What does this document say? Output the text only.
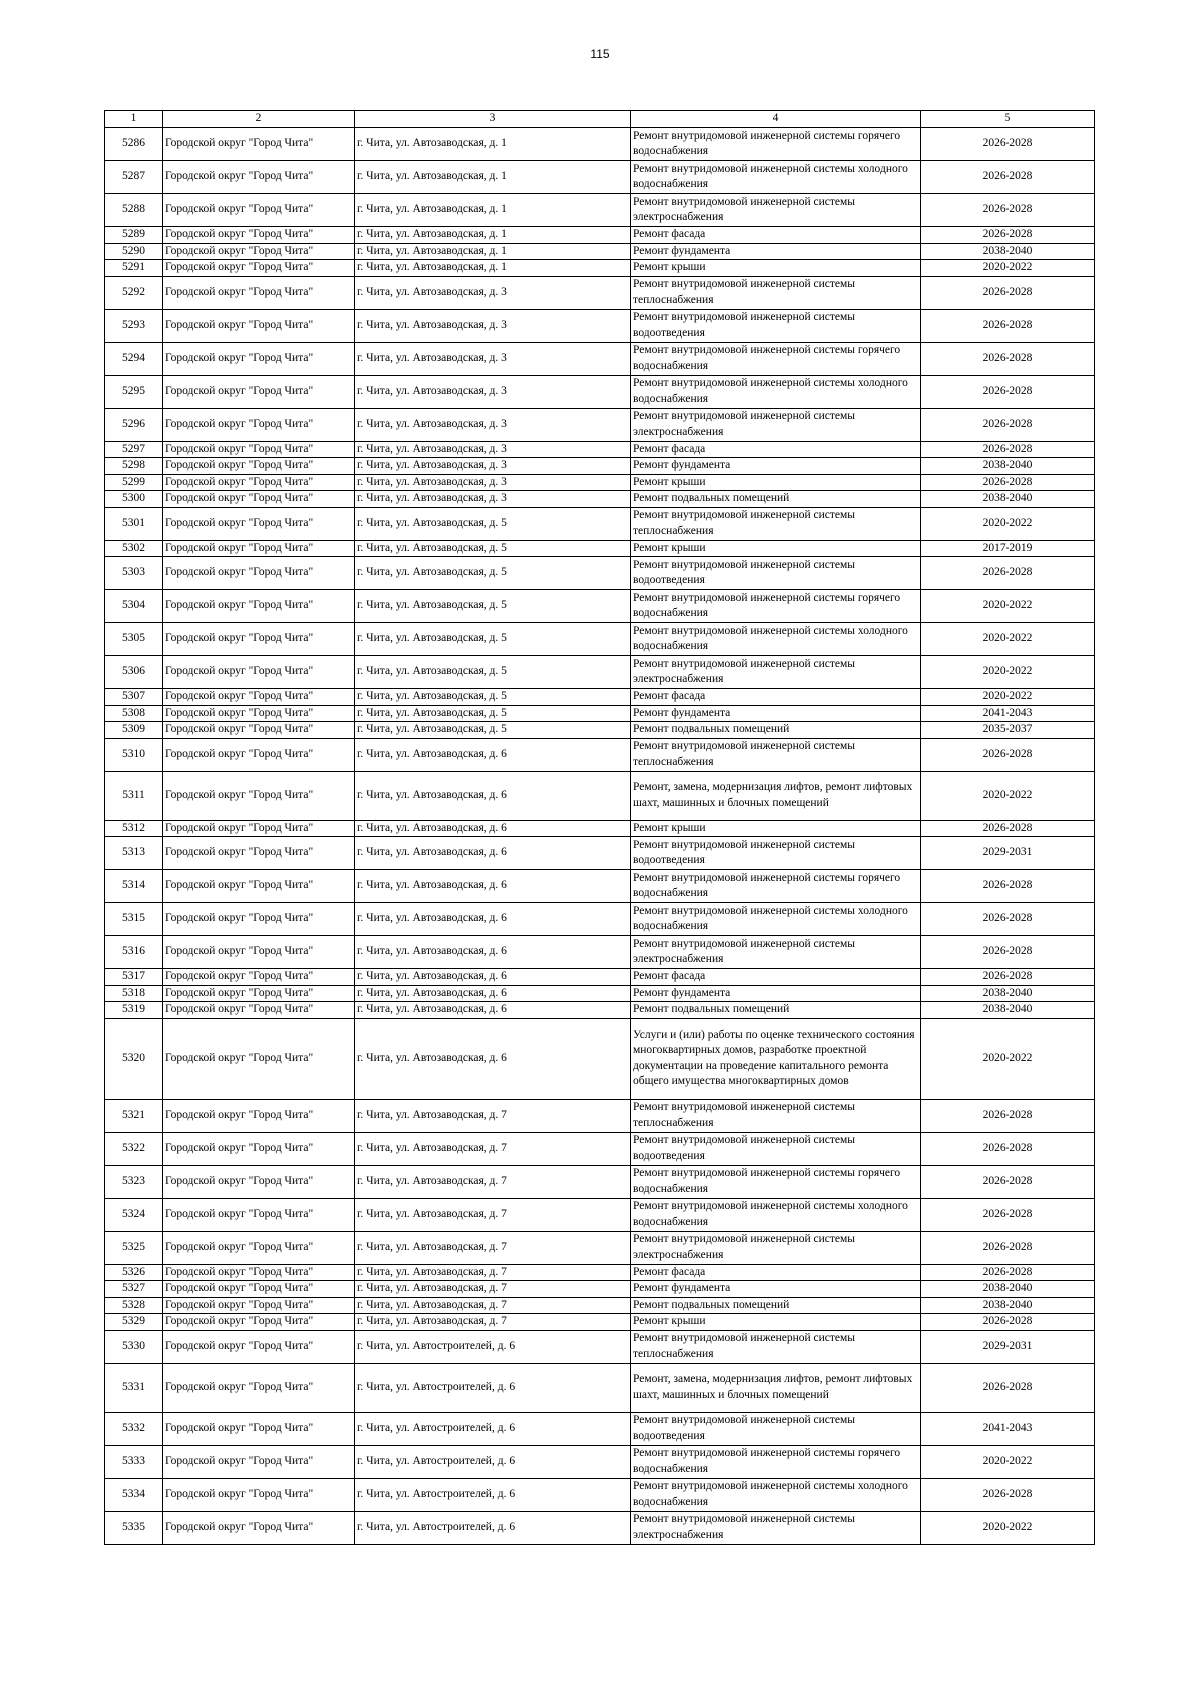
115
1	2	3	4	5
5286	Городской округ "Город Чита"	г. Чита, ул. Автозаводская, д. 1	Ремонт внутридомовой инженерной системы горячего водоснабжения	2026-2028
5287	Городской округ "Город Чита"	г. Чита, ул. Автозаводская, д. 1	Ремонт внутридомовой инженерной системы холодного водоснабжения	2026-2028
5288	Городской округ "Город Чита"	г. Чита, ул. Автозаводская, д. 1	Ремонт внутридомовой инженерной системы электроснабжения	2026-2028
5289	Городской округ "Город Чита"	г. Чита, ул. Автозаводская, д. 1	Ремонт фасада	2026-2028
5290	Городской округ "Город Чита"	г. Чита, ул. Автозаводская, д. 1	Ремонт фундамента	2038-2040
5291	Городской округ "Город Чита"	г. Чита, ул. Автозаводская, д. 1	Ремонт крыши	2020-2022
5292	Городской округ "Город Чита"	г. Чита, ул. Автозаводская, д. 3	Ремонт внутридомовой инженерной системы теплоснабжения	2026-2028
5293	Городской округ "Город Чита"	г. Чита, ул. Автозаводская, д. 3	Ремонт внутридомовой инженерной системы водоотведения	2026-2028
5294	Городской округ "Город Чита"	г. Чита, ул. Автозаводская, д. 3	Ремонт внутридомовой инженерной системы горячего водоснабжения	2026-2028
5295	Городской округ "Город Чита"	г. Чита, ул. Автозаводская, д. 3	Ремонт внутридомовой инженерной системы холодного водоснабжения	2026-2028
5296	Городской округ "Город Чита"	г. Чита, ул. Автозаводская, д. 3	Ремонт внутридомовой инженерной системы электроснабжения	2026-2028
5297	Городской округ "Город Чита"	г. Чита, ул. Автозаводская, д. 3	Ремонт фасада	2026-2028
5298	Городской округ "Город Чита"	г. Чита, ул. Автозаводская, д. 3	Ремонт фундамента	2038-2040
5299	Городской округ "Город Чита"	г. Чита, ул. Автозаводская, д. 3	Ремонт крыши	2026-2028
5300	Городской округ "Город Чита"	г. Чита, ул. Автозаводская, д. 3	Ремонт подвальных помещений	2038-2040
5301	Городской округ "Город Чита"	г. Чита, ул. Автозаводская, д. 5	Ремонт внутридомовой инженерной системы теплоснабжения	2020-2022
5302	Городской округ "Город Чита"	г. Чита, ул. Автозаводская, д. 5	Ремонт крыши	2017-2019
5303	Городской округ "Город Чита"	г. Чита, ул. Автозаводская, д. 5	Ремонт внутридомовой инженерной системы водоотведения	2026-2028
5304	Городской округ "Город Чита"	г. Чита, ул. Автозаводская, д. 5	Ремонт внутридомовой инженерной системы горячего водоснабжения	2020-2022
5305	Городской округ "Город Чита"	г. Чита, ул. Автозаводская, д. 5	Ремонт внутридомовой инженерной системы холодного водоснабжения	2020-2022
5306	Городской округ "Город Чита"	г. Чита, ул. Автозаводская, д. 5	Ремонт внутридомовой инженерной системы электроснабжения	2020-2022
5307	Городской округ "Город Чита"	г. Чита, ул. Автозаводская, д. 5	Ремонт фасада	2020-2022
5308	Городской округ "Город Чита"	г. Чита, ул. Автозаводская, д. 5	Ремонт фундамента	2041-2043
5309	Городской округ "Город Чита"	г. Чита, ул. Автозаводская, д. 5	Ремонт подвальных помещений	2035-2037
5310	Городской округ "Город Чита"	г. Чита, ул. Автозаводская, д. 6	Ремонт внутридомовой инженерной системы теплоснабжения	2026-2028
5311	Городской округ "Город Чита"	г. Чита, ул. Автозаводская, д. 6	Ремонт, замена, модернизация лифтов, ремонт лифтовых шахт, машинных и блочных помещений	2020-2022
5312	Городской округ "Город Чита"	г. Чита, ул. Автозаводская, д. 6	Ремонт крыши	2026-2028
5313	Городской округ "Город Чита"	г. Чита, ул. Автозаводская, д. 6	Ремонт внутридомовой инженерной системы водоотведения	2029-2031
5314	Городской округ "Город Чита"	г. Чита, ул. Автозаводская, д. 6	Ремонт внутридомовой инженерной системы горячего водоснабжения	2026-2028
5315	Городской округ "Город Чита"	г. Чита, ул. Автозаводская, д. 6	Ремонт внутридомовой инженерной системы холодного водоснабжения	2026-2028
5316	Городской округ "Город Чита"	г. Чита, ул. Автозаводская, д. 6	Ремонт внутридомовой инженерной системы электроснабжения	2026-2028
5317	Городской округ "Город Чита"	г. Чита, ул. Автозаводская, д. 6	Ремонт фасада	2026-2028
5318	Городской округ "Город Чита"	г. Чита, ул. Автозаводская, д. 6	Ремонт фундамента	2038-2040
5319	Городской округ "Город Чита"	г. Чита, ул. Автозаводская, д. 6	Ремонт подвальных помещений	2038-2040
5320	Городской округ "Город Чита"	г. Чита, ул. Автозаводская, д. 6	Услуги и (или) работы по оценке технического состояния многоквартирных домов, разработке проектной документации на проведение капитального ремонта общего имущества многоквартирных домов	2020-2022
5321	Городской округ "Город Чита"	г. Чита, ул. Автозаводская, д. 7	Ремонт внутридомовой инженерной системы теплоснабжения	2026-2028
5322	Городской округ "Город Чита"	г. Чита, ул. Автозаводская, д. 7	Ремонт внутридомовой инженерной системы водоотведения	2026-2028
5323	Городской округ "Город Чита"	г. Чита, ул. Автозаводская, д. 7	Ремонт внутридомовой инженерной системы горячего водоснабжения	2026-2028
5324	Городской округ "Город Чита"	г. Чита, ул. Автозаводская, д. 7	Ремонт внутридомовой инженерной системы холодного водоснабжения	2026-2028
5325	Городской округ "Город Чита"	г. Чита, ул. Автозаводская, д. 7	Ремонт внутридомовой инженерной системы электроснабжения	2026-2028
5326	Городской округ "Город Чита"	г. Чита, ул. Автозаводская, д. 7	Ремонт фасада	2026-2028
5327	Городской округ "Город Чита"	г. Чита, ул. Автозаводская, д. 7	Ремонт фундамента	2038-2040
5328	Городской округ "Город Чита"	г. Чита, ул. Автозаводская, д. 7	Ремонт подвальных помещений	2038-2040
5329	Городской округ "Город Чита"	г. Чита, ул. Автозаводская, д. 7	Ремонт крыши	2026-2028
5330	Городской округ "Город Чита"	г. Чита, ул. Автостроителей, д. 6	Ремонт внутридомовой инженерной системы теплоснабжения	2029-2031
5331	Городской округ "Город Чита"	г. Чита, ул. Автостроителей, д. 6	Ремонт, замена, модернизация лифтов, ремонт лифтовых шахт, машинных и блочных помещений	2026-2028
5332	Городской округ "Город Чита"	г. Чита, ул. Автостроителей, д. 6	Ремонт внутридомовой инженерной системы водоотведения	2041-2043
5333	Городской округ "Город Чита"	г. Чита, ул. Автостроителей, д. 6	Ремонт внутридомовой инженерной системы горячего водоснабжения	2020-2022
5334	Городской округ "Город Чита"	г. Чита, ул. Автостроителей, д. 6	Ремонт внутридомовой инженерной системы холодного водоснабжения	2026-2028
5335	Городской округ "Город Чита"	г. Чита, ул. Автостроителей, д. 6	Ремонт внутридомовой инженерной системы электроснабжения	2020-2022
